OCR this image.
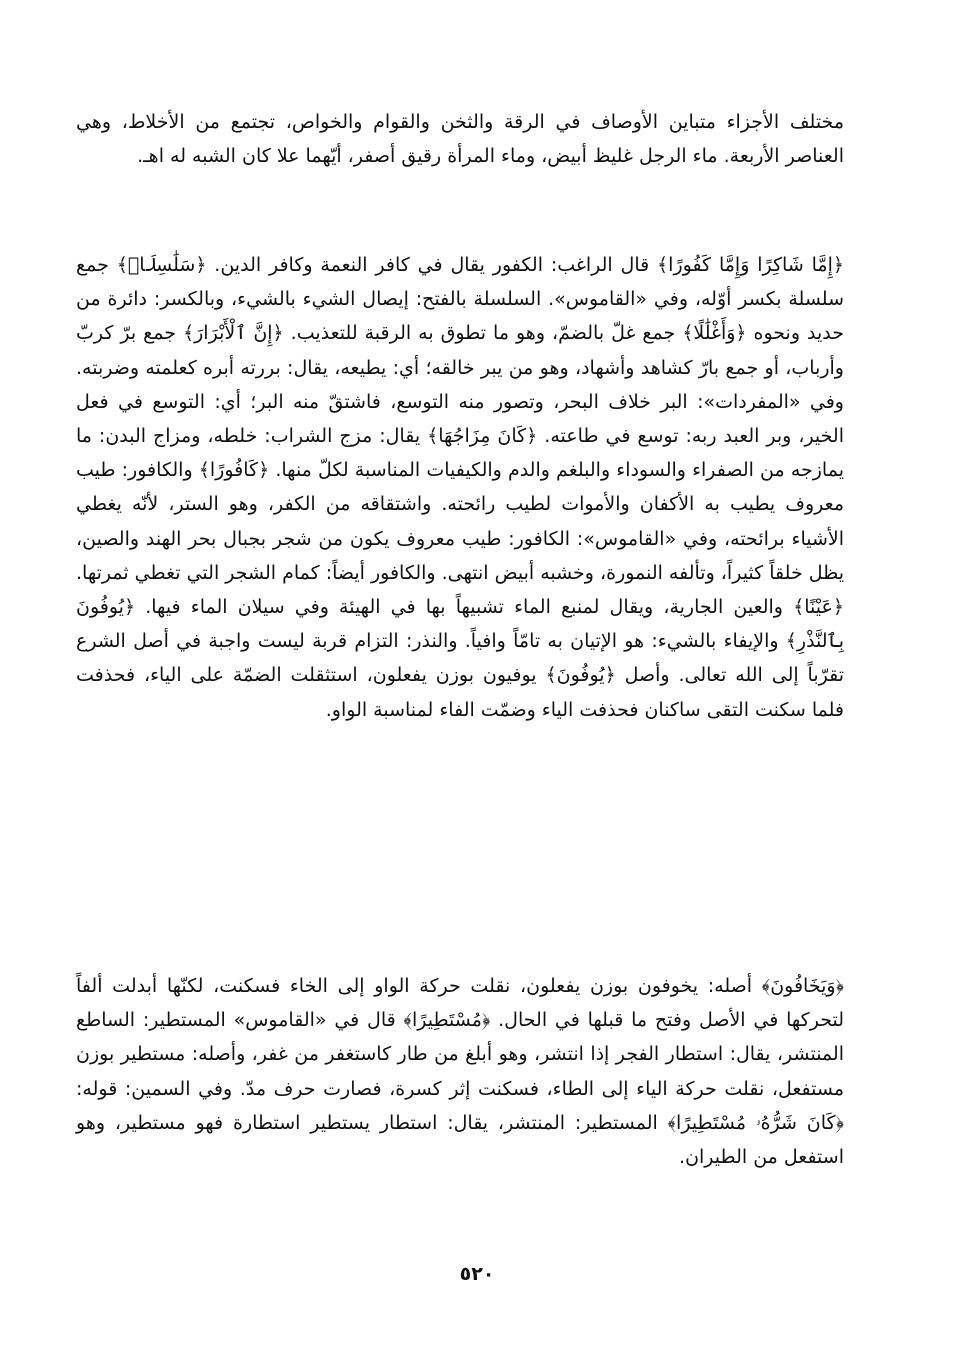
مختلف الأجزاء متباين الأوصاف في الرقة والثخن والقوام والخواص، تجتمع من الأخلاط، وهي العناصر الأربعة. ماء الرجل غليظ أبيض، وماء المرأة رقيق أصفر، أيّهما علا كان الشبه له اهـ.

﴿إِمَّا شَاكِرًا وَإِمَّا كَفُورًا﴾ قال الراغب: الكفور يقال في كافر النعمة وكافر الدين. ﴿سَلَٰسِلَا۟﴾ جمع سلسلة بكسر أوّله، وفي «القاموس». السلسلة بالفتح: إيصال الشيء بالشيء، وبالكسر: دائرة من حديد ونحوه ﴿وَأَغْلَٰلًا﴾ جمع غلّ بالضمّ، وهو ما تطوق به الرقبة للتعذيب. ﴿إِنَّ ٱلْأَبْرَارَ﴾ جمع برّ كربّ وأرباب، أو جمع بارّ كشاهد وأشهاد، وهو من يبر خالقه؛ أي: يطيعه، يقال: بررته أبره كعلمته وضربته. وفي «المفردات»: البر خلاف البحر، وتصور منه التوسع، فاشتقّ منه البر؛ أي: التوسع في فعل الخير، وبر العبد ربه: توسع في طاعته. ﴿كَانَ مِزَاجُهَا﴾ يقال: مزج الشراب: خلطه، ومزاج البدن: ما يمازجه من الصفراء والسوداء والبلغم والدم والكيفيات المناسبة لكلّ منها. ﴿كَافُورًا﴾ والكافور: طيب معروف يطيب به الأكفان والأموات لطيب رائحته. واشتقاقه من الكفر، وهو الستر، لأنّه يغطي الأشياء برائحته، وفي «القاموس»: الكافور: طيب معروف يكون من شجر بجبال بحر الهند والصين، يظل خلقاً كثيراً، وتألفه النمورة، وخشبه أبيض انتهى. والكافور أيضاً: كمام الشجر التي تغطي ثمرتها. ﴿عَيْنًا﴾ والعين الجارية، ويقال لمنبع الماء تشبيهاً بها في الهيئة وفي سيلان الماء فيها. ﴿يُوفُونَ بِٱلنَّذْرِ﴾ والإيفاء بالشيء: هو الإتيان به تامّاً وافياً. والنذر: التزام قربة ليست واجبة في أصل الشرع تقرّباً إلى الله تعالى. وأصل ﴿يُوفُونَ﴾ يوفيون بوزن يفعلون، استثقلت الضمّة على الياء، فحذفت فلما سكنت التقى ساكنان فحذفت الياء وضمّت الفاء لمناسبة الواو.

﴿وَيَخَافُونَ﴾ أصله: يخوفون بوزن يفعلون، نقلت حركة الواو إلى الخاء فسكنت، لكنّها أبدلت ألفاً لتحركها في الأصل وفتح ما قبلها في الحال. ﴿مُسْتَطِيرًا﴾ قال في «القاموس» المستطير: الساطع المنتشر، يقال: استطار الفجر إذا انتشر، وهو أبلغ من طار كاستغفر من غفر، وأصله: مستطير بوزن مستفعل، نقلت حركة الياء إلى الطاء، فسكنت إثر كسرة، فصارت حرف مدّ. وفي السمين: قوله: ﴿كَانَ شَرُّهُۥ مُسْتَطِيرًا﴾ المستطير: المنتشر، يقال: استطار يستطير استطارة فهو مستطير، وهو استفعل من الطيران.

٥٢٠
